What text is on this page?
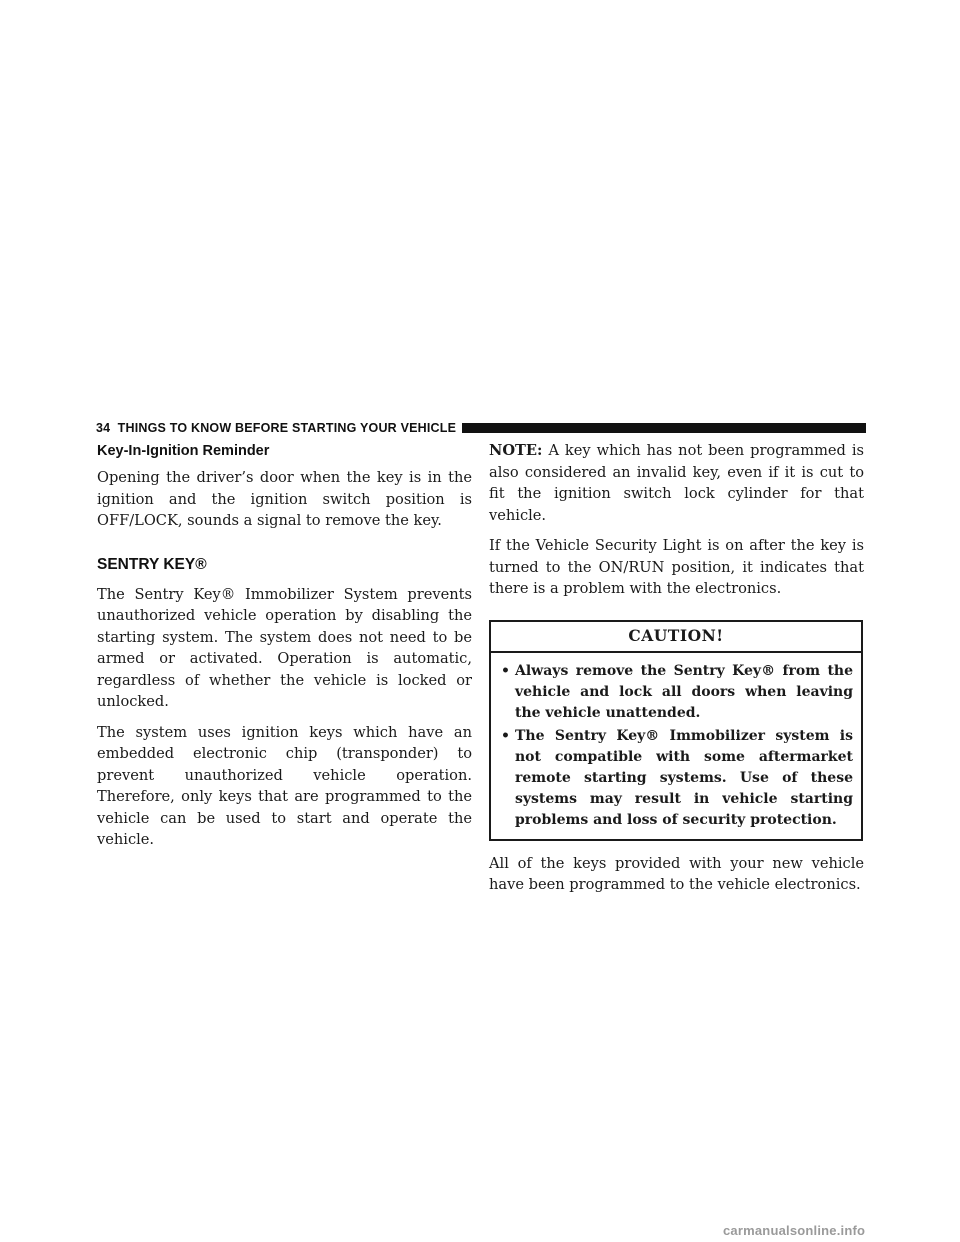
34 THINGS TO KNOW BEFORE STARTING YOUR VEHICLE
Key-In-Ignition Reminder

Opening the driver’s door when the key is in the ignition and the ignition switch position is OFF/LOCK, sounds a signal to remove the key.

SENTRY KEY®

The Sentry Key® Immobilizer System prevents unauthorized vehicle operation by disabling the starting system. The system does not need to be armed or activated. Operation is automatic, regardless of whether the vehicle is locked or unlocked.

The system uses ignition keys which have an embedded electronic chip (transponder) to prevent unauthorized vehicle operation. Therefore, only keys that are programmed to the vehicle can be used to start and operate the vehicle.

NOTE: A key which has not been programmed is also considered an invalid key, even if it is cut to fit the ignition switch lock cylinder for that vehicle.

If the Vehicle Security Light is on after the key is turned to the ON/RUN position, it indicates that there is a problem with the electronics.

CAUTION!
• Always remove the Sentry Key® from the vehicle and lock all doors when leaving the vehicle unattended.
• The Sentry Key® Immobilizer system is not compatible with some aftermarket remote starting systems. Use of these systems may result in vehicle starting problems and loss of security protection.

All of the keys provided with your new vehicle have been programmed to the vehicle electronics.

carmanualsonline.info
